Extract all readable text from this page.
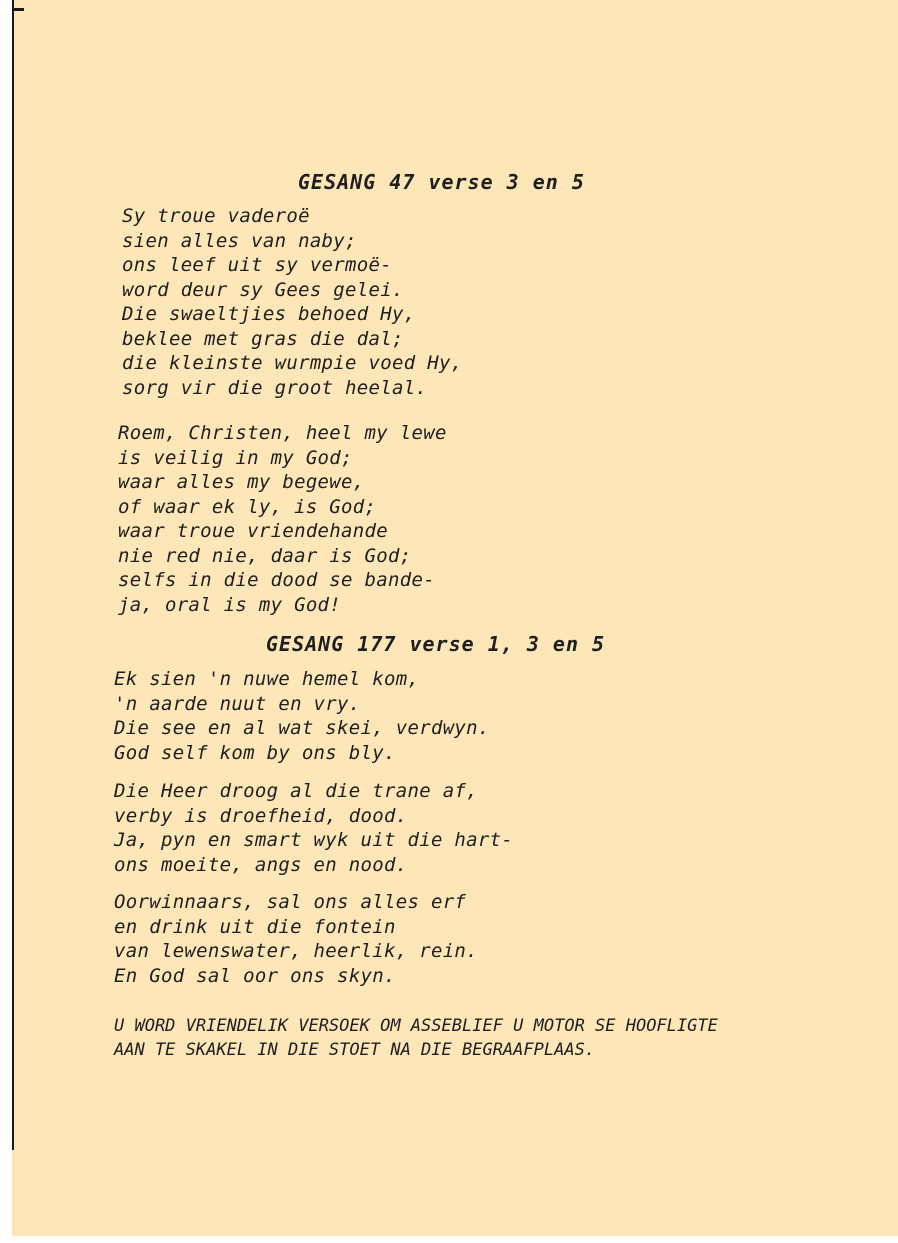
GESANG 47 verse 3 en 5
Sy troue vaderoë
sien alles van naby;
ons leef uit sy vermoë-
word deur sy Gees gelei.
Die swaeltjies behoed Hy,
beklee met gras die dal;
die kleinste wurmpie voed Hy,
sorg vir die groot heelal.
Roem, Christen, heel my lewe
is veilig in my God;
waar alles my begewe,
of waar ek ly, is God;
waar troue vriendehande
nie red nie, daar is God;
selfs in die dood se bande-
ja, oral is my God!
GESANG 177 verse 1, 3 en 5
Ek sien 'n nuwe hemel kom,
'n aarde nuut en vry.
Die see en al wat skei, verdwyn.
God self kom by ons bly.
Die Heer droog al die trane af,
verby is droefheid, dood.
Ja, pyn en smart wyk uit die hart-
ons moeite, angs en nood.
Oorwinnaars, sal ons alles erf
en drink uit die fontein
van lewenswater, heerlik, rein.
En God sal oor ons skyn.

U WORD VRIENDELIK VERSOEK OM ASSEBLIEF U MOTOR SE HOOFLIGTE AAN TE SKAKEL IN DIE STOET NA DIE BEGRAAFPLAAS.
